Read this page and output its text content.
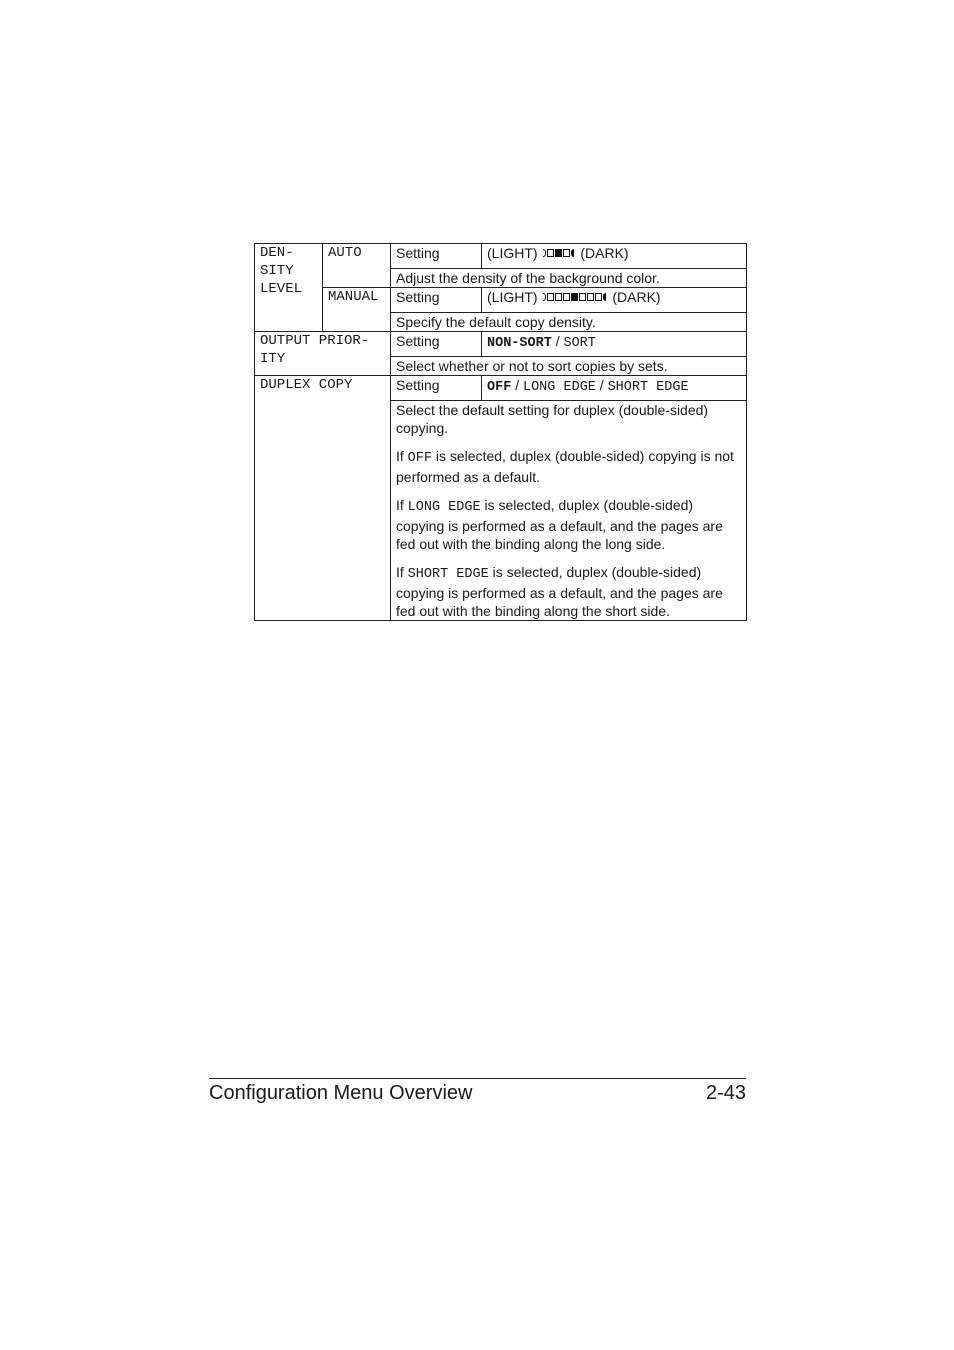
DEN-
SITY
LEVEL	AUTO	Setting	(LIGHT) (DARK)
		Adjust the density of the background color.	
	MANUAL	Setting	(LIGHT) (DARK)
		Specify the default copy density.	
OUTPUT PRIOR-
ITY		Setting	NON-SORT / SORT
		Select whether or not to sort copies by sets.	
DUPLEX COPY		Setting	OFF / LONG EDGE / SHORT EDGE

		Select the default setting for duplex (double-sided) copying.
If OFF is selected, duplex (double-sided) copying is not performed as a default.
If LONG EDGE is selected, duplex (double-sided) copying is performed as a default, and the pages are fed out with the binding along the long side.
If SHORT EDGE is selected, duplex (double-sided) copying is performed as a default, and the pages are fed out with the binding along the short side.	
Configuration Menu Overview	2-43
